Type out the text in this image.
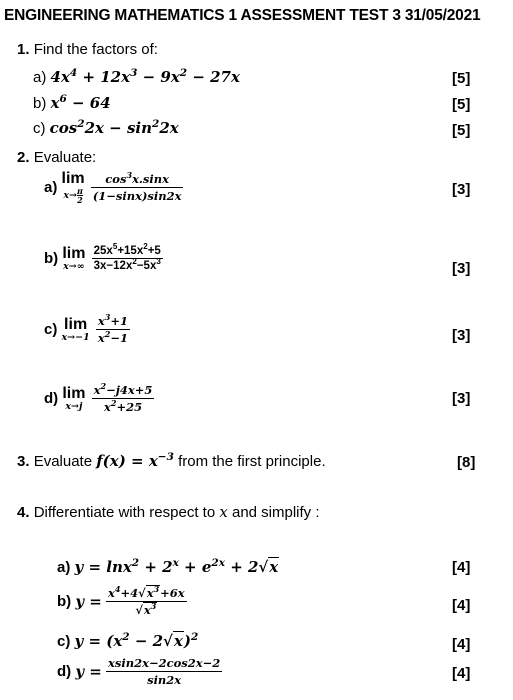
ENGINEERING MATHEMATICS 1 ASSESSMENT TEST 3 31/05/2021
1. Find the factors of:
a) $4x^4 + 12x^3 - 9x^2 - 27x$	[5]
b) $x^6 - 64$	[5]
c) $\cos^22x - \sin^22x$	[5]
2. Evaluate:
a)
lim
$x\to \frac{\pi}{2}$
$\frac{\cos^3x.\sin x}{(1-\sin x)\sin 2x}$	[3]
b) lim
x→∞
$\frac{25x^5+15x^2+5}{3x-12x^2-5x^3}$	[3]
c) lim
x→−1
$\frac{x^3+1}{x^2-1}$	[3]
d) lim
x→j
$\frac{x^2-j4x+5}{x^2+25}$	[3]
3. Evaluate $f(x) = x^{-3}$ from the first principle.	[8]
4. Differentiate with respect to x and simplify :
a) $y = \ln x^2 + 2^x + e^{2x} + 2√x$	[4]
b) $y = \frac{x^4+4√x^3+6x}{√x^3}$	[4]
c) $y = (x^2 - 2√x)^2$	[4]
d) $y = \frac{xsin2x-2\cos 2x-2}{\sin 2x}$	[4]
